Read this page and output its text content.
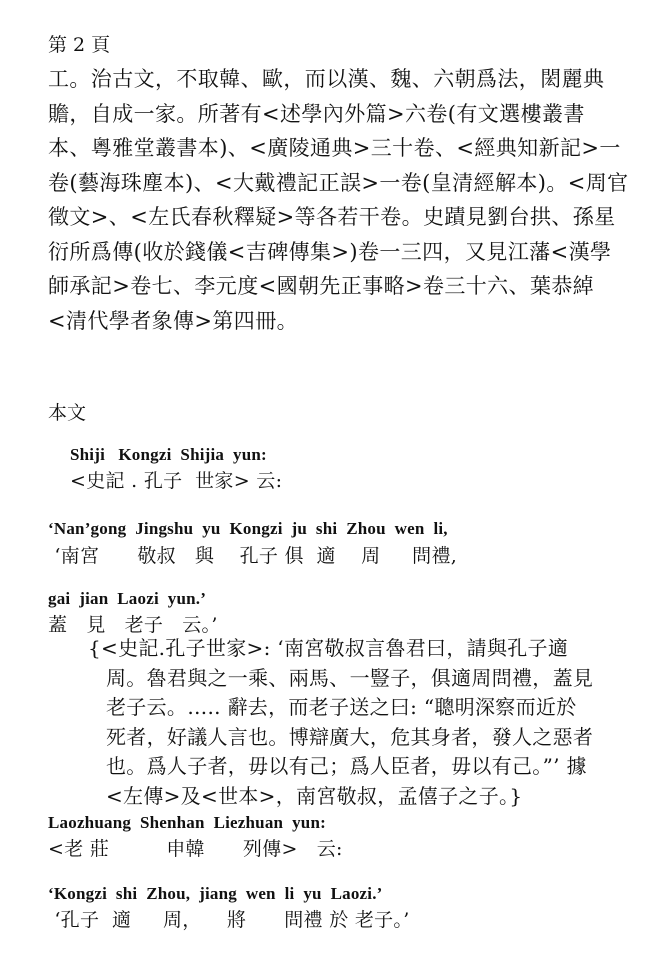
第 2 頁
工。治古文，不取韓、歐，而以漢、魏、六朝爲法，閎麗典
贍，自成一家。所著有<述學內外篇>六卷(有文選樓叢書
本、粵雅堂叢書本)、<廣陵通典>三十卷、<經典知新記>一
卷(藝海珠塵本)、<大戴禮記正誤>一卷(皇清經解本)。<周官
徵文>、<左氏春秋釋疑>等各若干卷。史蹟見劉台拱、孫星
衍所爲傳(收於錢儀<吉碑傳集>)卷一三四，又見江藩<漢學
師承記>卷七、李元度<國朝先正事略>卷三十六、葉恭綽
<清代學者象傳>第四冊。
本文
Shiji   Kongzi  Shijia  yun:
<史記 . 孔子  世家> 云:
‘Nan’gong  Jingshu  yu  Kongzi  ju  shi  Zhou  wen  li,
‘南宮      敬叔   與    孔子 俱  適    周     問禮,
gai  jian  Laozi  yun.’
蓋   見   老子   云。’
{<史記.孔子世家>: ‘南宮敬叔言魯君曰，請與孔子適
周。魯君與之一乘、兩馬、一豎子，俱適周問禮，蓋見
老子云。….. 辭去，而老子送之曰: “聰明深察而近於
死者，好議人言也。博辯廣大，危其身者，發人之惡者
也。爲人子者，毋以有己；爲人臣者，毋以有己。”’ 據
<左傳>及<世本>，南宮敬叔，孟僖子之子。}
Laozhuang  Shenhan  Liezhuan  yun:
<老 莊         申韓      列傳>   云:
‘Kongzi  shi  Zhou,  jiang  wen  li  yu  Laozi.’
‘孔子  適     周，    將      問禮 於 老子。’
